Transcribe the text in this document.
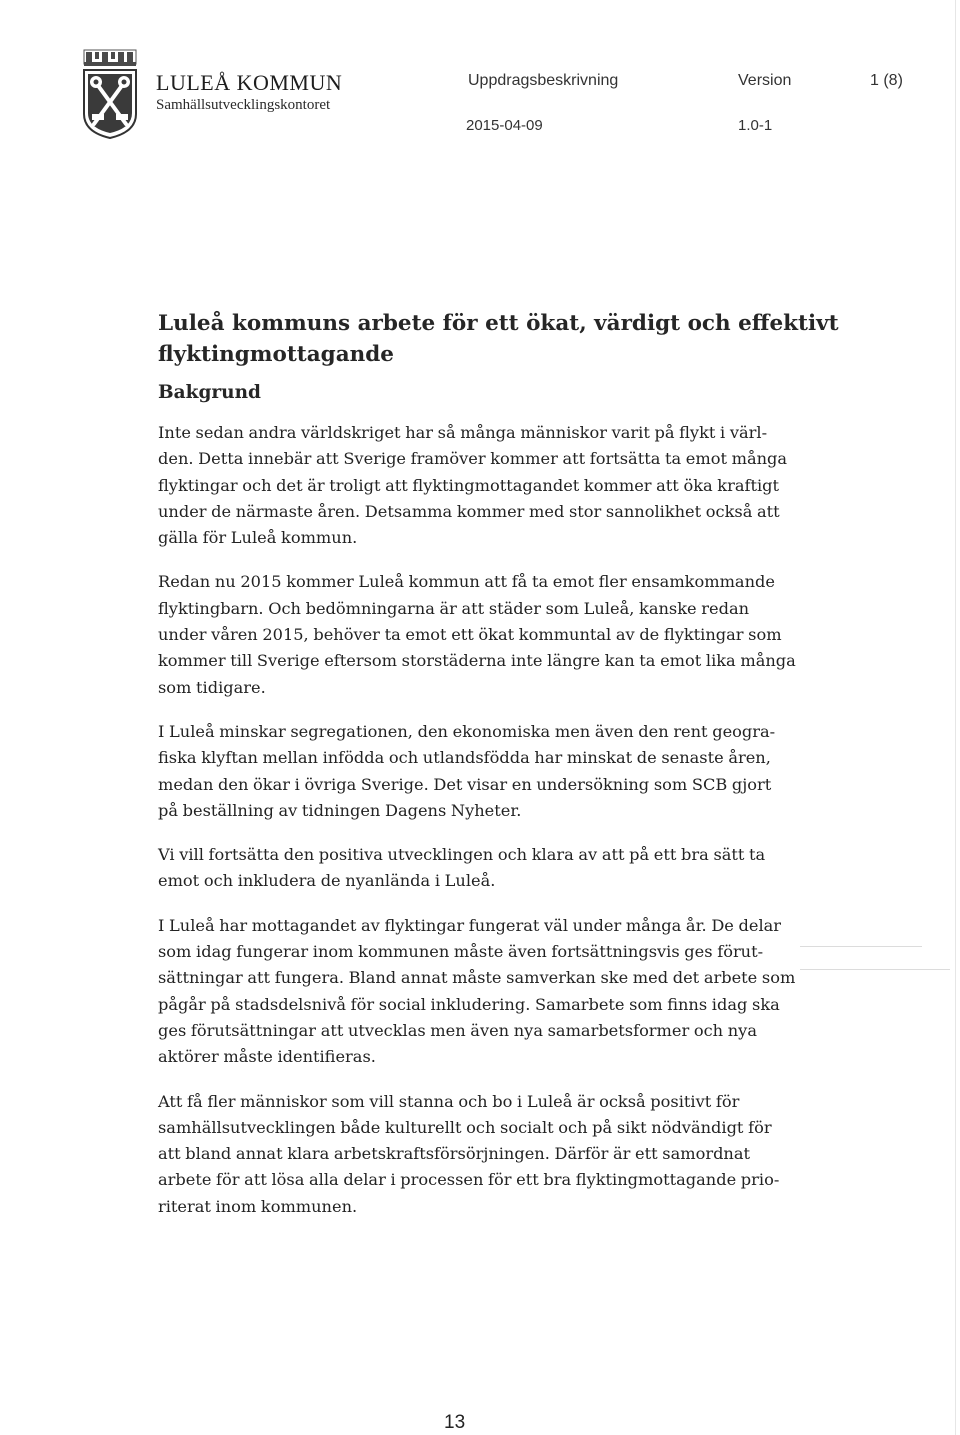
LULEÅ KOMMUN
Samhällsutvecklingskontoret
Uppdragsbeskrivning
2015-04-09
Version
1.0-1
1 (8)
Luleå kommuns arbete för ett ökat, värdigt och effektivt
flyktingmottagande
Bakgrund

Inte sedan andra världskriget har så många människor varit på flykt i värl-
den. Detta innebär att Sverige framöver kommer att fortsätta ta emot många
flyktingar och det är troligt att flyktingmottagandet kommer att öka kraftigt
under de närmaste åren. Detsamma kommer med stor sannolikhet också att
gälla för Luleå kommun.

Redan nu 2015 kommer Luleå kommun att få ta emot fler ensamkommande
flyktingbarn. Och bedömningarna är att städer som Luleå, kanske redan
under våren 2015, behöver ta emot ett ökat kommuntal av de flyktingar som
kommer till Sverige eftersom storstäderna inte längre kan ta emot lika många
som tidigare.

I Luleå minskar segregationen, den ekonomiska men även den rent geogra-
fiska klyftan mellan infödda och utlandsfödda har minskat de senaste åren,
medan den ökar i övriga Sverige. Det visar en undersökning som SCB gjort
på beställning av tidningen Dagens Nyheter.

Vi vill fortsätta den positiva utvecklingen och klara av att på ett bra sätt ta
emot och inkludera de nyanlända i Luleå.

I Luleå har mottagandet av flyktingar fungerat väl under många år. De delar
som idag fungerar inom kommunen måste även fortsättningsvis ges förut-
sättningar att fungera. Bland annat måste samverkan ske med det arbete som
pågår på stadsdelsnivå för social inkludering. Samarbete som finns idag ska
ges förutsättningar att utvecklas men även nya samarbetsformer och nya
aktörer måste identifieras.

Att få fler människor som vill stanna och bo i Luleå är också positivt för
samhällsutvecklingen både kulturellt och socialt och på sikt nödvändigt för
att bland annat klara arbetskraftsförsörjningen. Därför är ett samordnat
arbete för att lösa alla delar i processen för ett bra flyktingmottagande prio-
riterat inom kommunen.

13
